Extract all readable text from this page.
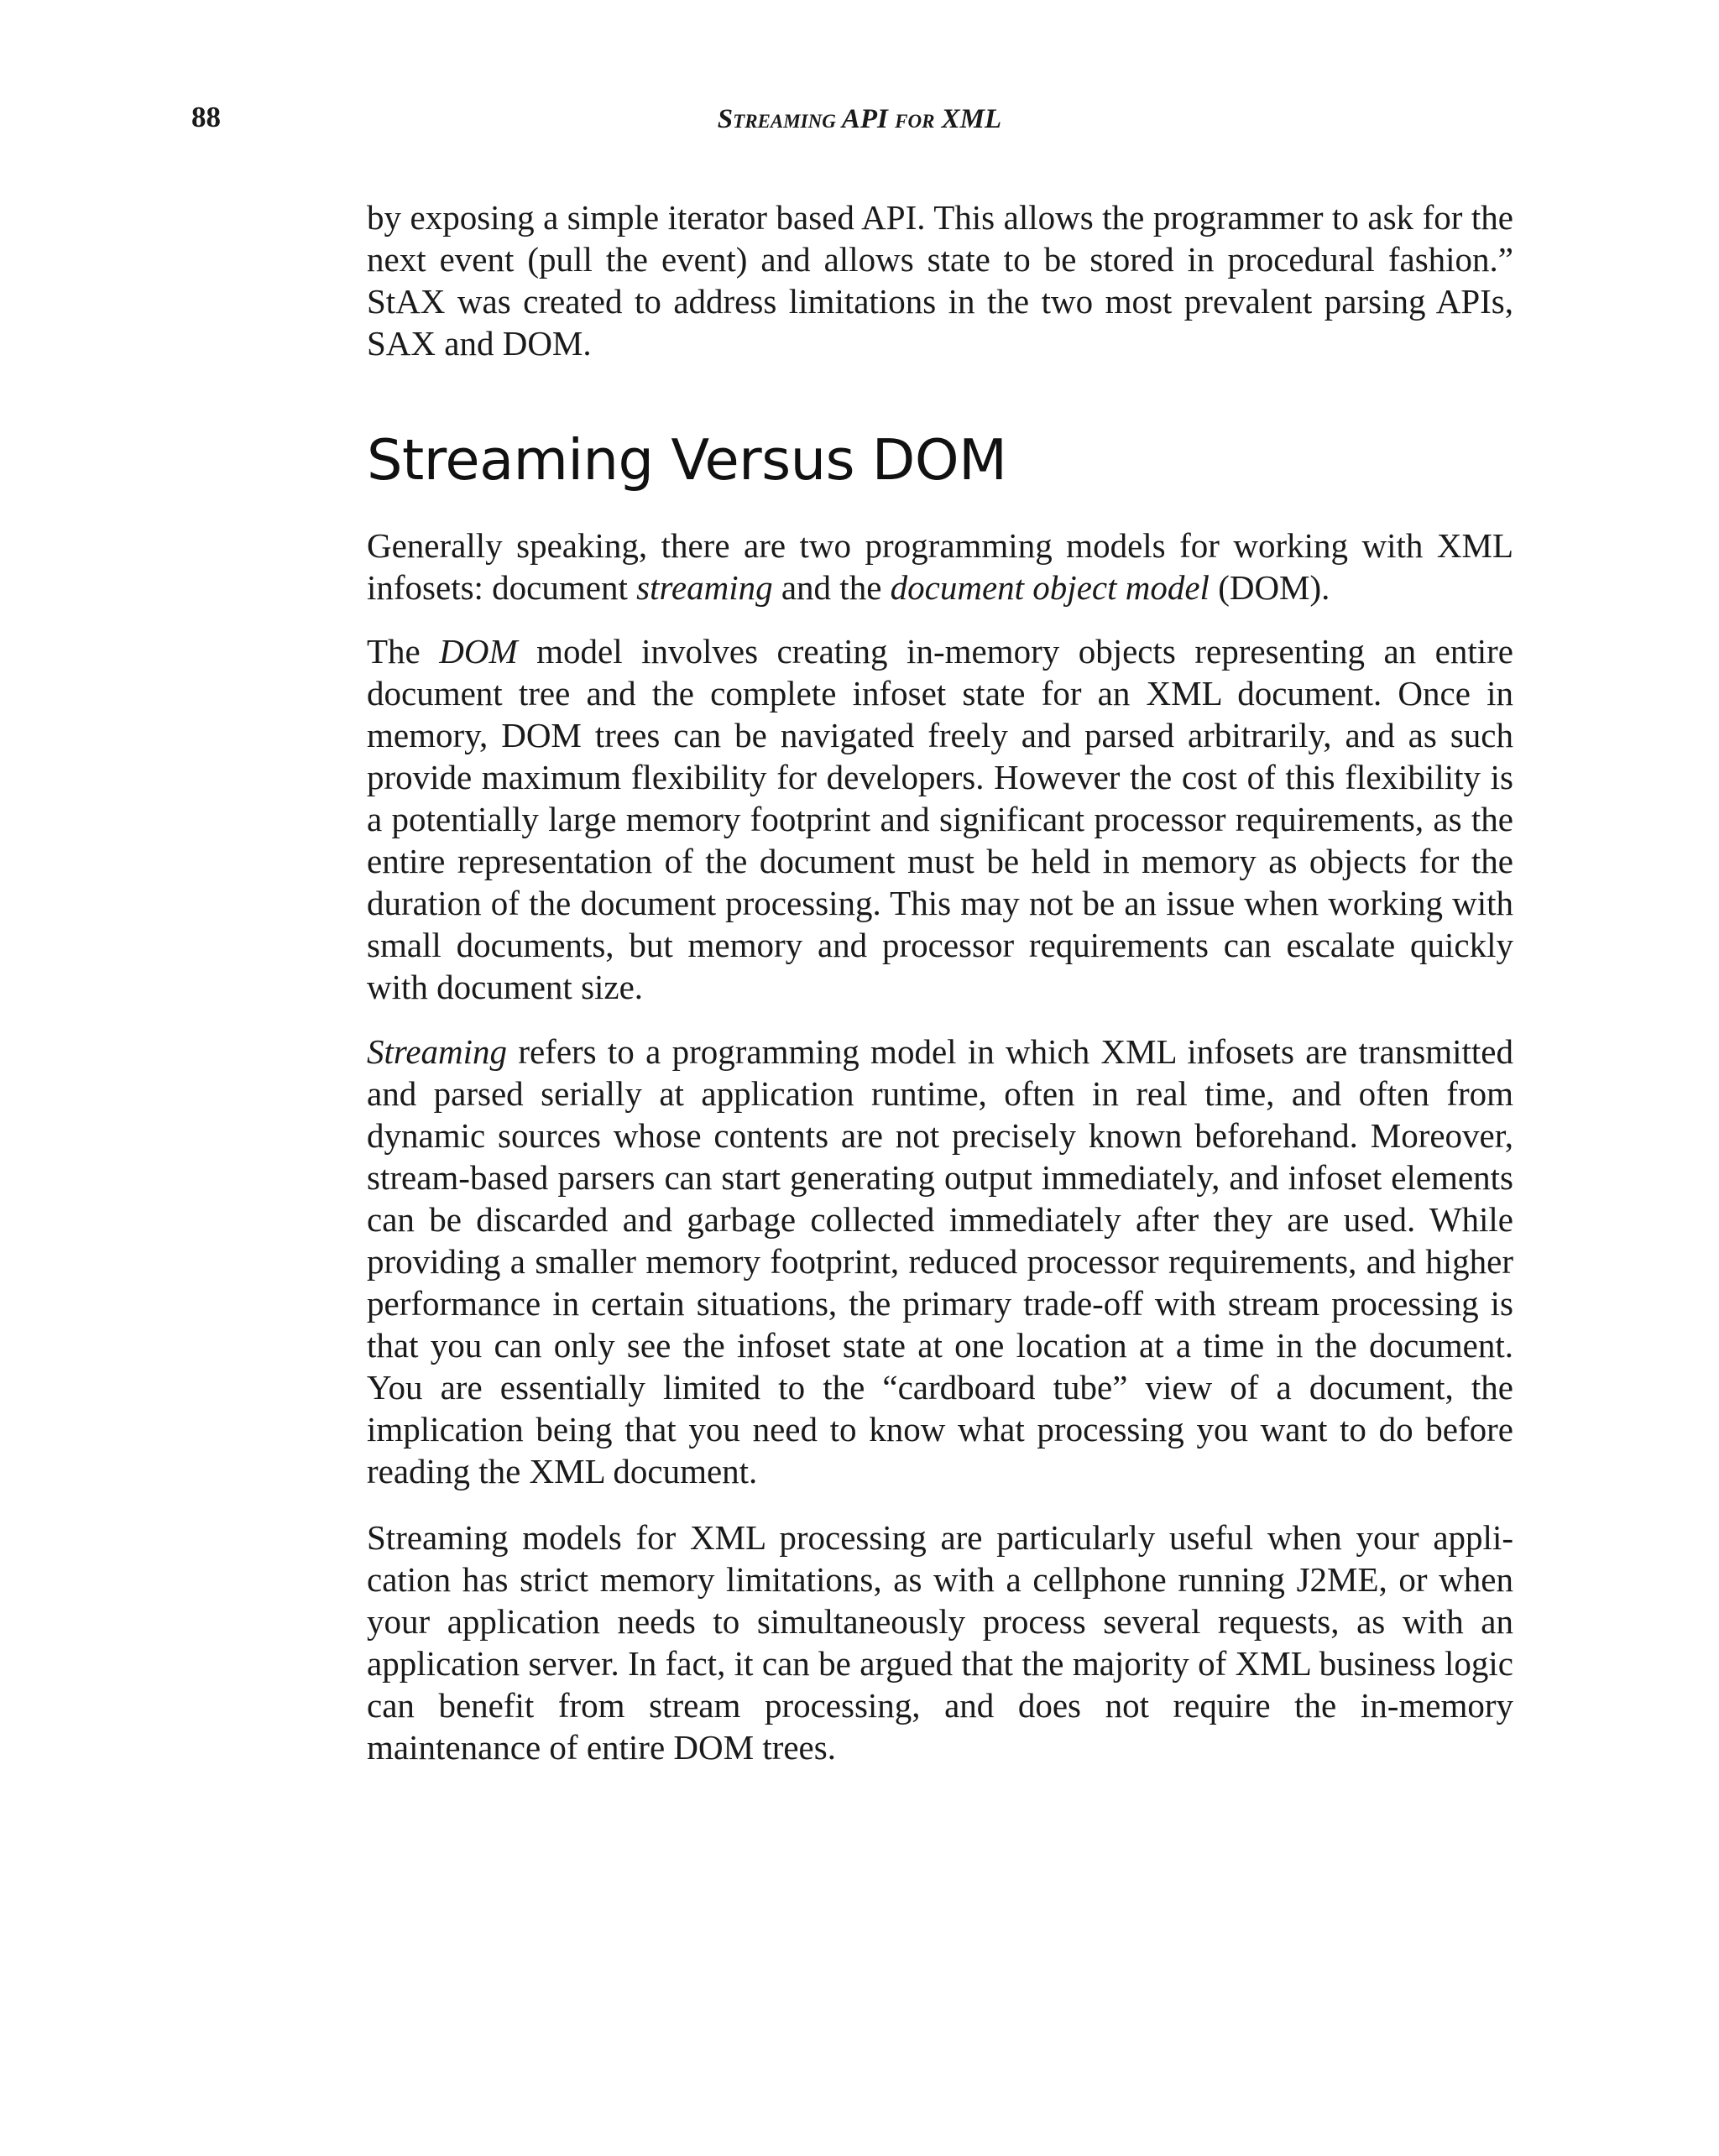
88	Streaming API for XML

by exposing a simple iterator based API. This allows the programmer to ask for the next event (pull the event) and allows state to be stored in procedural fashion.” StAX was created to address limitations in the two most prevalent parsing APIs, SAX and DOM.

Streaming Versus DOM

Generally speaking, there are two programming models for working with XML infosets: document streaming and the document object model (DOM).

The DOM model involves creating in-memory objects representing an entire document tree and the complete infoset state for an XML document. Once in memory, DOM trees can be navigated freely and parsed arbitrarily, and as such provide maximum flexibility for developers. However the cost of this flexibility is a potentially large memory footprint and significant processor requirements, as the entire representation of the document must be held in memory as objects for the duration of the document processing. This may not be an issue when working with small documents, but memory and processor requirements can escalate quickly with document size.

Streaming refers to a programming model in which XML infosets are transmitted and parsed serially at application runtime, often in real time, and often from dynamic sources whose contents are not precisely known beforehand. Moreover, stream-based parsers can start generating output immediately, and infoset elements can be discarded and garbage collected immediately after they are used. While providing a smaller memory footprint, reduced processor requirements, and higher performance in certain situations, the primary trade-off with stream processing is that you can only see the infoset state at one location at a time in the document. You are essentially limited to the “cardboard tube” view of a document, the implication being that you need to know what processing you want to do before reading the XML document.

Streaming models for XML processing are particularly useful when your application has strict memory limitations, as with a cellphone running J2ME, or when your application needs to simultaneously process several requests, as with an application server. In fact, it can be argued that the majority of XML business logic can benefit from stream processing, and does not require the in-memory maintenance of entire DOM trees.
